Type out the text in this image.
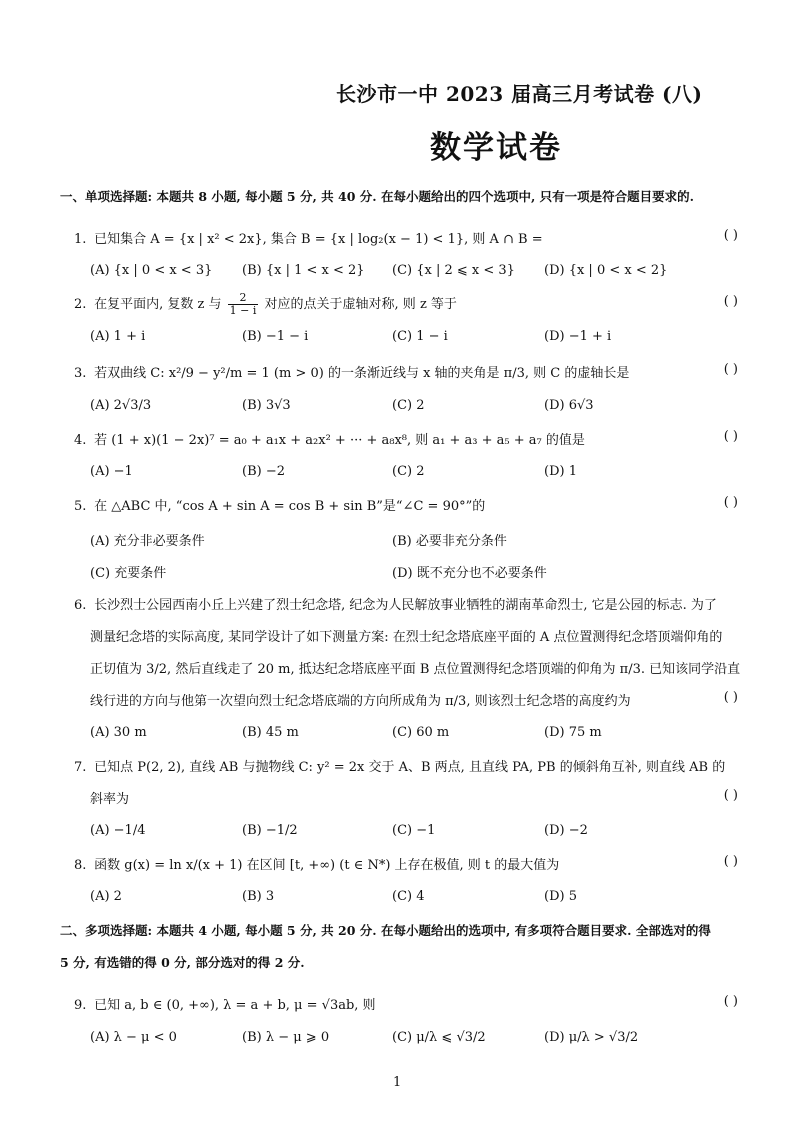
长沙市一中 2023 届高三月考试卷 (八)
数学试卷
一、单项选择题: 本题共 8 小题, 每小题 5 分, 共 40 分. 在每小题给出的四个选项中, 只有一项是符合题目要求的.
1. 已知集合 A = {x | x² < 2x}, 集合 B = {x | log₂(x − 1) < 1}, 则 A ∩ B =	( )
(A) {x | 0 < x < 3} (B) {x | 1 < x < 2} (C) {x | 2 ⩽ x < 3} (D) {x | 0 < x < 2}
2. 在复平面内, 复数 z 与 $\frac{2}{1 - i}$ 对应的点关于虚轴对称, 则 z 等于	( )
(A) 1 + i	(B) −1 − i	(C) 1 − i	(D) −1 + i
3. 若双曲线 C: x²/9 − y²/m = 1 (m > 0) 的一条渐近线与 x 轴的夹角是 π/3, 则 C 的虚轴长是	( )
(A) 2√3/3	(B) 3√3	(C) 2	(D) 6√3
4. 若 (1 + x)(1 − 2x)⁷ = a₀ + a₁x + a₂x² + ··· + a₈x⁸, 则 a₁ + a₃ + a₅ + a₇ 的值是	( )
(A) −1	(B) −2	(C) 2	(D) 1
5. 在 △ABC 中, “cos A + sin A = cos B + sin B”是“∠C = 90°”的	( )
(A) 充分非必要条件	(B) 必要非充分条件
(C) 充要条件	(D) 既不充分也不必要条件
6. 长沙烈士公园西南小丘上兴建了烈士纪念塔, 纪念为人民解放事业牺牲的湖南革命烈士, 它是公园的标志. 为了
测量纪念塔的实际高度, 某同学设计了如下测量方案: 在烈士纪念塔底座平面的 A 点位置测得纪念塔顶端仰角的
正切值为 3/2, 然后直线走了 20 m, 抵达纪念塔底座平面 B 点位置测得纪念塔顶端的仰角为 π/3. 已知该同学沿直
线行进的方向与他第一次望向烈士纪念塔底端的方向所成角为 π/3, 则该烈士纪念塔的高度约为	( )
(A) 30 m	(B) 45 m	(C) 60 m	(D) 75 m
7. 已知点 P(2, 2), 直线 AB 与抛物线 C: y² = 2x 交于 A、B 两点, 且直线 PA, PB 的倾斜角互补, 则直线 AB 的
斜率为	( )
(A) −1/4	(B) −1/2	(C) −1	(D) −2
8. 函数 g(x) = ln x/(x + 1) 在区间 [t, +∞) (t ∈ N*) 上存在极值, 则 t 的最大值为	( )
(A) 2	(B) 3	(C) 4	(D) 5
二、多项选择题: 本题共 4 小题, 每小题 5 分, 共 20 分. 在每小题给出的选项中, 有多项符合题目要求. 全部选对的得
5 分, 有选错的得 0 分, 部分选对的得 2 分.
9. 已知 a, b ∈ (0, +∞), λ = a + b, μ = √3ab, 则	( )
(A) λ − μ < 0	(B) λ − μ ⩾ 0	(C) μ/λ ⩽ √3/2	(D) μ/λ > √3/2
1
